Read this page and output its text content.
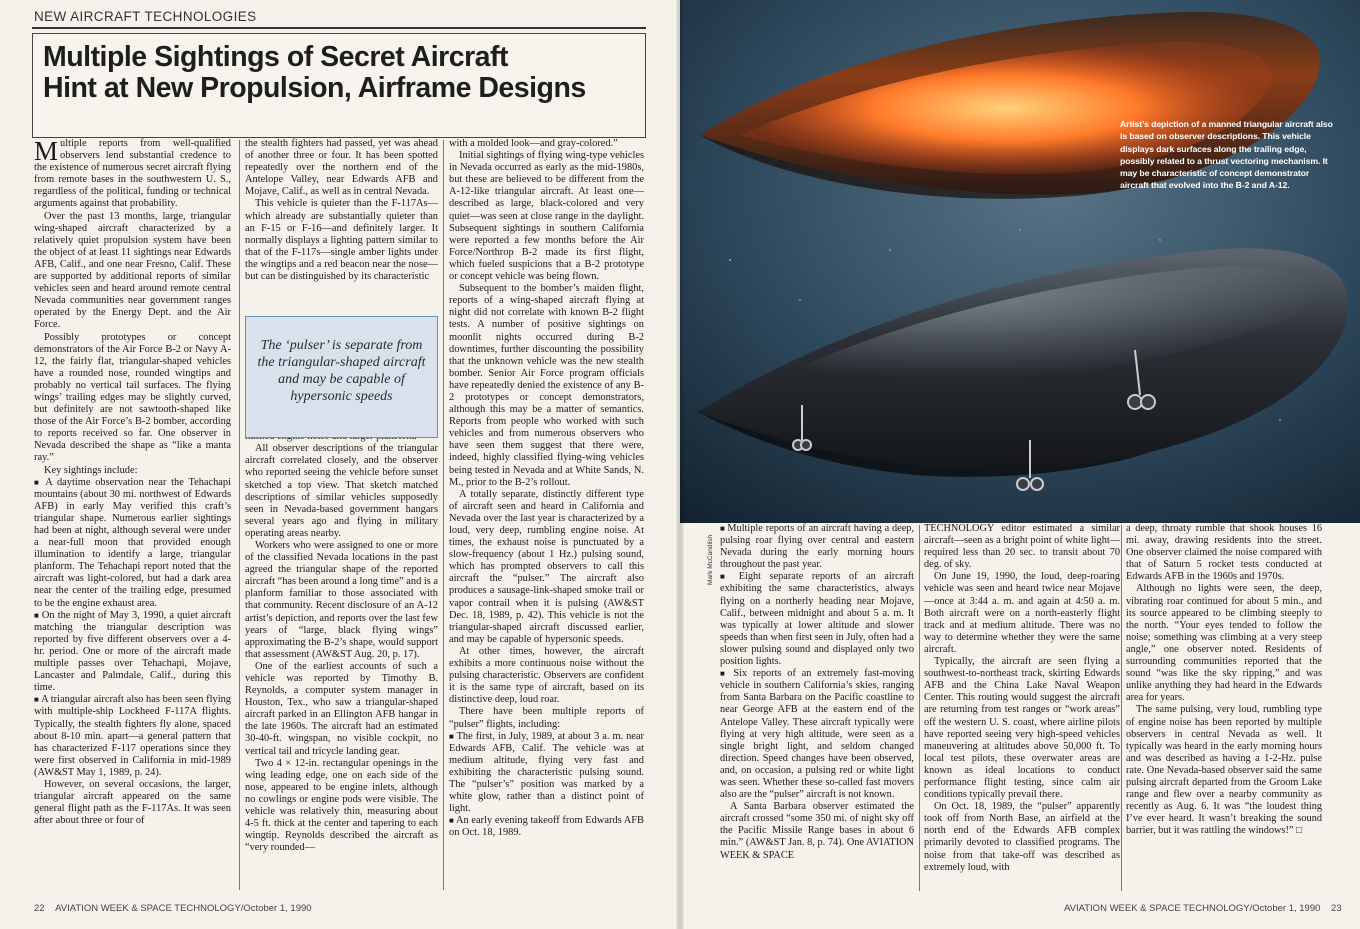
NEW AIRCRAFT TECHNOLOGIES
Multiple Sightings of Secret Aircraft
Hint at New Propulsion, Airframe Designs

Multiple reports from well-qualified observers lend substantial credence to the existence of numerous secret aircraft flying from remote bases in the southwestern U. S., regardless of the political, funding or technical arguments against that probability.

Over the past 13 months, large, triangular wing-shaped aircraft characterized by a relatively quiet propulsion system have been the object of at least 11 sightings near Edwards AFB, Calif., and one near Fresno, Calif. These are supported by additional reports of similar vehicles seen and heard around remote central Nevada communities near government ranges operated by the Energy Dept. and the Air Force.

Possibly prototypes or concept demonstrators of the Air Force B-2 or Navy A-12, the fairly flat, triangular-shaped vehicles have a rounded nose, rounded wingtips and probably no vertical tail surfaces. The flying wings’ trailing edges may be slightly curved, but definitely are not sawtooth-shaped like those of the Air Force’s B-2 bomber, according to reports received so far. One observer in Nevada described the shape as “like a manta ray.”

Key sightings include:

■ A daytime observation near the Tehachapi mountains (about 30 mi. northwest of Edwards AFB) in early May verified this craft’s triangular shape. Numerous earlier sightings had been at night, although several were under a near-full moon that provided enough illumination to identify a large, triangular planform. The Tehachapi report noted that the aircraft was light-colored, but had a dark area near the center of the trailing edge, presumed to be the engine exhaust area.

■ On the night of May 3, 1990, a quiet aircraft matching the triangular description was reported by five different observers over a 4-hr. period. One or more of the aircraft made multiple passes over Tehachapi, Mojave, Lancaster and Palmdale, Calif., during this time.

■ A triangular aircraft also has been seen flying with multiple-ship Lockheed F-117A flights. Typically, the stealth fighters fly alone, spaced about 8-10 min. apart—a general pattern that has characterized F-117 operations since they were first observed in California in mid-1989 (AW&ST May 1, 1989, p. 24).

However, on several occasions, the larger, triangular aircraft appeared on the same general flight path as the F-117As. It was seen after about three or four of

the stealth fighters had passed, yet was ahead of another three or four. It has been spotted repeatedly over the northern end of the Antelope Valley, near Edwards AFB and Mojave, Calif., as well as in central Nevada.

This vehicle is quieter than the F-117As—which already are substantially quieter than an F-15 or F-16—and definitely larger. It normally displays a lighting pattern similar to that of the F-117s—single amber lights under the wingtips and a red beacon near the nose—but can be distinguished by its characteristic

All observer descriptions of the triangular aircraft correlated closely, and the observer who reported seeing the vehicle before sunset sketched a top view. That sketch matched descriptions of similar vehicles supposedly seen in Nevada-based government hangars several years ago and flying in military operating areas nearby.

Workers who were assigned to one or more of the classified Nevada locations in the past agreed the triangular shape of the reported aircraft “has been around a long time” and is a planform familiar to those associated with that community. Recent disclosure of an A-12 artist’s depiction, and reports over the last few years of “large, black flying wings” approximating the B-2’s shape, would support that assessment (AW&ST Aug. 20, p. 17).

One of the earliest accounts of such a vehicle was reported by Timothy B. Reynolds, a computer system manager in Houston, Tex., who saw a triangular-shaped aircraft parked in an Ellington AFB hangar in the late 1960s. The aircraft had an estimated 30-40-ft. wingspan, no visible cockpit, no vertical tail and tricycle landing gear.

Two 4 × 12-in. rectangular openings in the wing leading edge, one on each side of the nose, appeared to be engine inlets, although no cowlings or engine pods were visible. The vehicle was relatively thin, measuring about 4-5 ft. thick at the center and tapering to each wingtip. Reynolds described the aircraft as “very rounded—

with a molded look—and gray-colored.”

Initial sightings of flying wing-type vehicles in Nevada occurred as early as the mid-1980s, but these are believed to be different from the A-12-like triangular aircraft. At least one—described as large, black-colored and very quiet—was seen at close range in the daylight. Subsequent sightings in southern California were reported a few months before the Air Force/Northrop B-2 made its first flight, which fueled suspicions that a B-2 prototype or concept vehicle was being flown.

Subsequent to the bomber’s maiden flight, reports of a wing-shaped aircraft flying at night did not correlate with known B-2 flight tests. A number of positive sightings on moonlit nights occurred during B-2 downtimes, further discounting the possibility that the unknown vehicle was the new stealth bomber. Senior Air Force program officials have repeatedly denied the existence of any B-2 prototypes or concept demonstrators, although this may be a matter of semantics. Reports from people who worked with such vehicles and from numerous observers who have seen them suggest that there were, indeed, highly classified flying-wing vehicles being tested in Nevada and at White Sands, N. M., prior to the B-2’s rollout.

A totally separate, distinctly different type of aircraft seen and heard in California and Nevada over the last year is characterized by a loud, very deep, rumbling engine noise. At times, the exhaust noise is punctuated by a slow-frequency (about 1 Hz.) pulsing sound, which has prompted observers to call this aircraft the “pulser.” The aircraft also produces a sausage-link-shaped smoke trail or vapor contrail when it is pulsing (AW&ST Dec. 18, 1989, p. 42). This vehicle is not the triangular-shaped aircraft discussed earlier, and may be capable of hypersonic speeds.

At other times, however, the aircraft exhibits a more continuous noise without the pulsing characteristic. Observers are confident it is the same type of aircraft, based on its distinctive deep, loud roar.

There have been multiple reports of “pulser” flights, including:

■ The first, in July, 1989, at about 3 a. m. near Edwards AFB, Calif. The vehicle was at medium altitude, flying very fast and exhibiting the characteristic pulsing sound. The “pulser’s” position was marked by a white glow, rather than a distinct point of light.

■ An early evening takeoff from Edwards AFB on Oct. 18, 1989.

The ‘pulser’ is separate from the triangular-shaped aircraft and may be capable of hypersonic speeds
22 AVIATION WEEK & SPACE TECHNOLOGY/October 1, 1990
Artist’s depiction of a manned triangular aircraft also is based on observer descriptions. This vehicle displays dark surfaces along the trailing edge, possibly related to a thrust vectoring mechanism. It may be characteristic of concept demonstrator aircraft that evolved into the B-2 and A-12.
Mark McCandlish

■ Multiple reports of an aircraft having a deep, pulsing roar flying over central and eastern Nevada during the early morning hours throughout the past year.

■ Eight separate reports of an aircraft exhibiting the same characteristics, always flying on a northerly heading near Mojave, Calif., between midnight and about 5 a. m. It was typically at lower altitude and slower speeds than when first seen in July, often had a slower pulsing sound and displayed only two position lights.

■ Six reports of an extremely fast-moving vehicle in southern California’s skies, ranging from Santa Barbara on the Pacific coastline to near George AFB at the eastern end of the Antelope Valley. These aircraft typically were flying at very high altitude, were seen as a single bright light, and seldom changed direction. Speed changes have been observed, and, on occasion, a pulsing red or white light was seen. Whether these so-called fast movers also are the “pulser” aircraft is not known.

A Santa Barbara observer estimated the aircraft crossed “some 350 mi. of night sky off the Pacific Missile Range bases in about 6 min.” (AW&ST Jan. 8, p. 74). One AVIATION WEEK & SPACE

TECHNOLOGY editor estimated a similar aircraft—seen as a bright point of white light—required less than 20 sec. to transit about 70 deg. of sky.

On June 19, 1990, the loud, deep-roaring vehicle was seen and heard twice near Mojave—once at 3:44 a. m. and again at 4:50 a. m. Both aircraft were on a north-easterly flight track and at medium altitude. There was no way to determine whether they were the same aircraft.

Typically, the aircraft are seen flying a southwest-to-northeast track, skirting Edwards AFB and the China Lake Naval Weapon Center. This routing would suggest the aircraft are returning from test ranges or “work areas” off the western U. S. coast, where airline pilots have reported seeing very high-speed vehicles maneuvering at altitudes above 50,000 ft. To local test pilots, these overwater areas are known as ideal locations to conduct performance flight testing, since calm air conditions typically prevail there.

On Oct. 18, 1989, the “pulser” apparently took off from North Base, an airfield at the north end of the Edwards AFB complex primarily devoted to classified programs. The noise from that take-off was described as extremely loud, with

a deep, throaty rumble that shook houses 16 mi. away, drawing residents into the street. One observer claimed the noise compared with that of Saturn 5 rocket tests conducted at Edwards AFB in the 1960s and 1970s.

Although no lights were seen, the deep, vibrating roar continued for about 5 min., and its source appeared to be climbing steeply to the north. “Your eyes tended to follow the noise; something was climbing at a very steep angle,” one observer noted. Residents of surrounding communities reported that the sound “was like the sky ripping,” and was unlike anything they had heard in the Edwards area for years.

The same pulsing, very loud, rumbling type of engine noise has been reported by multiple observers in central Nevada as well. It typically was heard in the early morning hours and was described as having a 1-2-Hz. pulse rate. One Nevada-based observer said the same pulsing aircraft departed from the Groom Lake range and flew over a nearby community as recently as Aug. 6. It was “the loudest thing I’ve ever heard. It wasn’t breaking the sound barrier, but it was rattling the windows!” □

AVIATION WEEK & SPACE TECHNOLOGY/October 1, 1990 23
